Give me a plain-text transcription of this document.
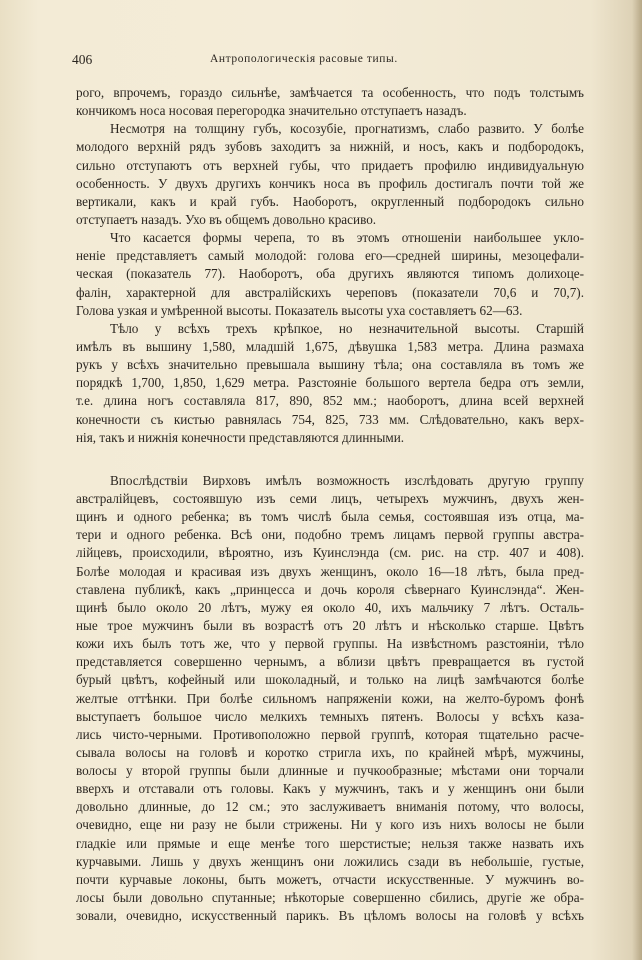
406	Антропологическія расовые типы.
рого, впрочемъ, гораздо сильнѣе, замѣчается та особенность, что подъ толстымъ
кончикомъ носа носовая перегородка значительно отступаетъ назадъ.
Несмотря на толщину губъ, косозубіе, прогнатизмъ, слабо развито. У болѣе
молодого верхній рядъ зубовъ заходитъ за нижній, и носъ, какъ и подбородокъ,
сильно отступаютъ отъ верхней губы, что придаетъ профилю индивидуальную
особенность. У двухъ другихъ кончикъ носа въ профиль достигалъ почти той же
вертикали, какъ и край губъ. Наоборотъ, округленный подбородокъ сильно
отступаетъ назадъ. Ухо въ общемъ довольно красиво.
Что касается формы черепа, то въ этомъ отношеніи наибольшее укло-
неніе представляетъ самый молодой: голова его—средней ширины, мезоцефали-
ческая (показатель 77). Наоборотъ, оба другихъ являются типомъ долихоце-
фалін, характерной для австралійскихъ череповъ (показатели 70,6 и 70,7).
Голова узкая и умѣренной высоты. Показатель высоты уха составляетъ 62—63.
Тѣло у всѣхъ трехъ крѣпкое, но незначительной высоты. Старшій
имѣлъ въ вышину 1,580, младшій 1,675, дѣвушка 1,583 метра. Длина размаха
рукъ у всѣхъ значительно превышала вышину тѣла; она составляла въ томъ же
порядкѣ 1,700, 1,850, 1,629 метра. Разстояніе большого вертела бедра отъ земли,
т.е. длина ногъ составляла 817, 890, 852 мм.; наоборотъ, длина всей верхней
конечности съ кистью равнялась 754, 825, 733 мм. Слѣдовательно, какъ верх-
нія, такъ и нижнія конечности представляются длинными.
Впослѣдствіи Вирховъ имѣлъ возможность изслѣдовать другую группу
австралійцевъ, состоявшую изъ семи лицъ, четырехъ мужчинъ, двухъ жен-
щинъ и одного ребенка; въ томъ числѣ была семья, состоявшая изъ отца, ма-
тери и одного ребенка. Всѣ они, подобно тремъ лицамъ первой группы австра-
лійцевъ, происходили, вѣроятно, изъ Куинслэнда (см. рис. на стр. 407 и 408).
Болѣе молодая и красивая изъ двухъ женщинъ, около 16—18 лѣтъ, была пред-
ставлена публикѣ, какъ „принцесса и дочь короля сѣвернаго Куинслэнда“. Жен-
щинѣ было около 20 лѣтъ, мужу ея около 40, ихъ мальчику 7 лѣтъ. Осталь-
ные трое мужчинъ были въ возрастѣ отъ 20 лѣтъ и нѣсколько старше. Цвѣтъ
кожи ихъ былъ тотъ же, что у первой группы. На извѣстномъ разстояніи, тѣло
представляется совершенно чернымъ, а вблизи цвѣтъ превращается въ густой
бурый цвѣтъ, кофейный или шоколадный, и только на лицѣ замѣчаются болѣе
желтые оттѣнки. При болѣе сильномъ напряженіи кожи, на желто-буромъ фонѣ
выступаетъ большое число мелкихъ темныхъ пятенъ. Волосы у всѣхъ каза-
лись чисто-черными. Противоположно первой группѣ, которая тщательно расче-
сывала волосы на головѣ и коротко стригла ихъ, по крайней мѣрѣ, мужчины,
волосы у второй группы были длинные и пучкообразные; мѣстами они торчали
вверхъ и отставали отъ головы. Какъ у мужчинъ, такъ и у женщинъ они были
довольно длинные, до 12 см.; это заслуживаетъ вниманія потому, что волосы,
очевидно, еще ни разу не были стрижены. Ни у кого изъ нихъ волосы не были
гладкіе или прямые и еще менѣе того шерстистые; нельзя также назвать ихъ
курчавыми. Лишь у двухъ женщинъ они ложились сзади въ небольшіе, густые,
почти курчавые локоны, быть можетъ, отчасти искусственные. У мужчинъ во-
лосы были довольно спутанные; нѣкоторые совершенно сбились, другіе же обра-
зовали, очевидно, искусственный парикъ. Въ цѣломъ волосы на головѣ у всѣхъ
